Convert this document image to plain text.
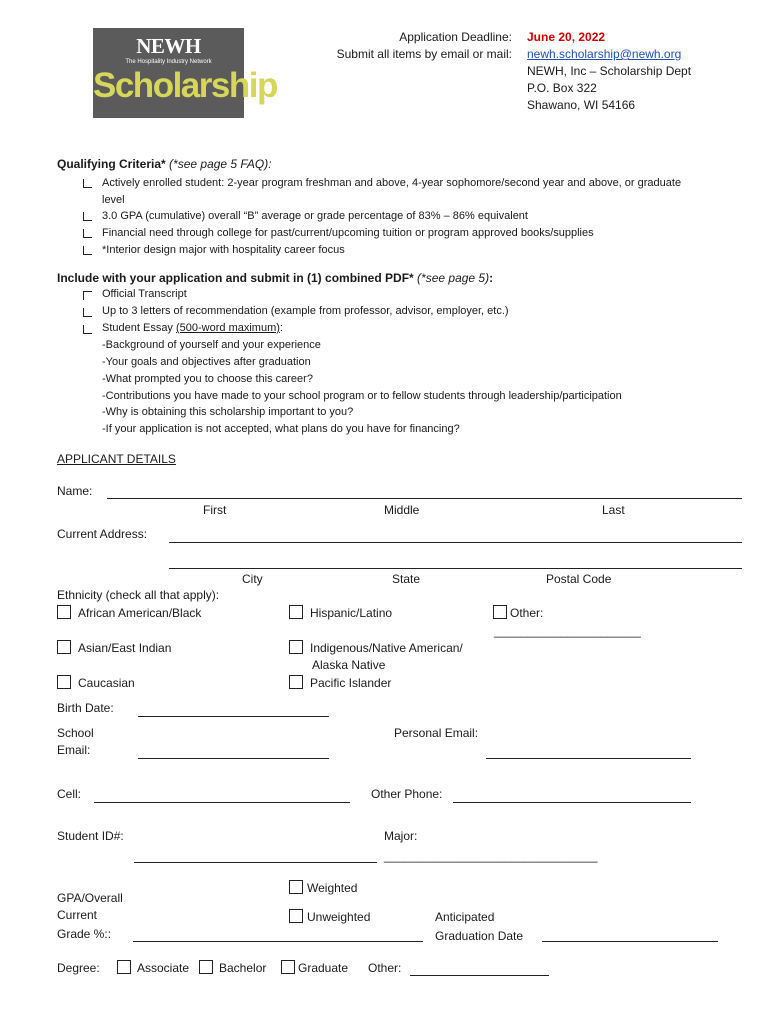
NEWH
The Hospitality Industry Network
Scholarship
Application Deadline: June 20, 2022
Submit all items by email or mail: newh.scholarship@newh.org
NEWH, Inc – Scholarship Dept
P.O. Box 322
Shawano, WI 54166
Qualifying Criteria* (*see page 5 FAQ):
Actively enrolled student: 2-year program freshman and above, 4-year sophomore/second year and above, or graduate
level
3.0 GPA (cumulative) overall “B” average or grade percentage of 83% – 86% equivalent
Financial need through college for past/current/upcoming tuition or program approved books/supplies
*Interior design major with hospitality career focus
Include with your application and submit in (1) combined PDF* (*see page 5):
Official Transcript
Up to 3 letters of recommendation (example from professor, advisor, employer, etc.)
Student Essay (500-word maximum):
-Background of yourself and your experience
-Your goals and objectives after graduation
-What prompted you to choose this career?
-Contributions you have made to your school program or to fellow students through leadership/participation
-Why is obtaining this scholarship important to you?
-If your application is not accepted, what plans do you have for financing?
APPLICANT DETAILS
Name:
First	Middle	Last
Current Address:
City	State	Postal Code
Ethnicity (check all that apply):
African American/Black	Hispanic/Latino	Other:
______________________
Asian/East Indian	Indigenous/Native American/
Alaska Native
Caucasian	Pacific Islander
Birth Date:
School
Email:
Personal Email:
Cell:	Other Phone:
Student ID#:	Major:
________________________________
Weighted
Unweighted
GPA/Overall
Current
Grade %::
Anticipated
Graduation Date
Degree:	Associate Bachelor	Graduate Other:
